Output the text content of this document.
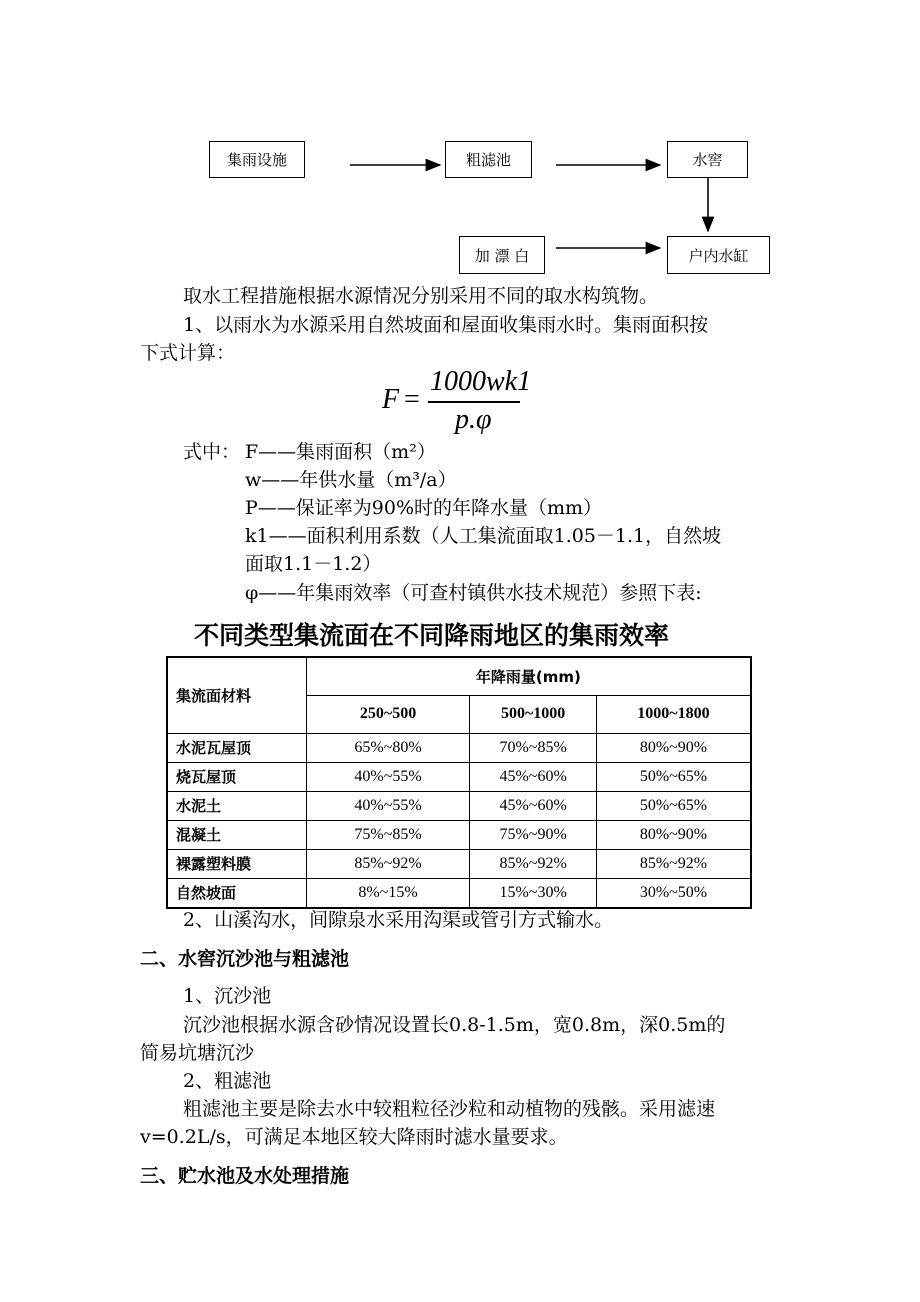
集雨设施	粗滤池	水窖
加 漂 白	户内水缸
取水工程措施根据水源情况分别采用不同的取水构筑物。
1、以雨水为水源采用自然坡面和屋面收集雨水时。集雨面积按
下式计算：
F =
1000wk1
p.φ
式中： F——集雨面积（m²）
w——年供水量（m³/a）
P——保证率为90%时的年降水量（mm）
k1——面积利用系数（人工集流面取1.05－1.1，自然坡
面取1.1－1.2）
φ——年集雨效率（可查村镇供水技术规范）参照下表:
不同类型集流面在不同降雨地区的集雨效率
集流面材料	年降雨量(mm)		
	250~500	500~1000	1000~1800
水泥瓦屋顶	65%~80%	70%~85%	80%~90%
烧瓦屋顶	40%~55%	45%~60%	50%~65%
水泥土	40%~55%	45%~60%	50%~65%
混凝土	75%~85%	75%~90%	80%~90%
裸露塑料膜	85%~92%	85%~92%	85%~92%
自然坡面	8%~15%	15%~30%	30%~50%
2、山溪沟水，间隙泉水采用沟渠或管引方式输水。
二、水窖沉沙池与粗滤池
1、沉沙池
沉沙池根据水源含砂情况设置长0.8-1.5m，宽0.8m，深0.5m的
简易坑塘沉沙
2、粗滤池
粗滤池主要是除去水中较粗粒径沙粒和动植物的残骸。采用滤速
v=0.2L/s，可满足本地区较大降雨时滤水量要求。
三、贮水池及水处理措施
